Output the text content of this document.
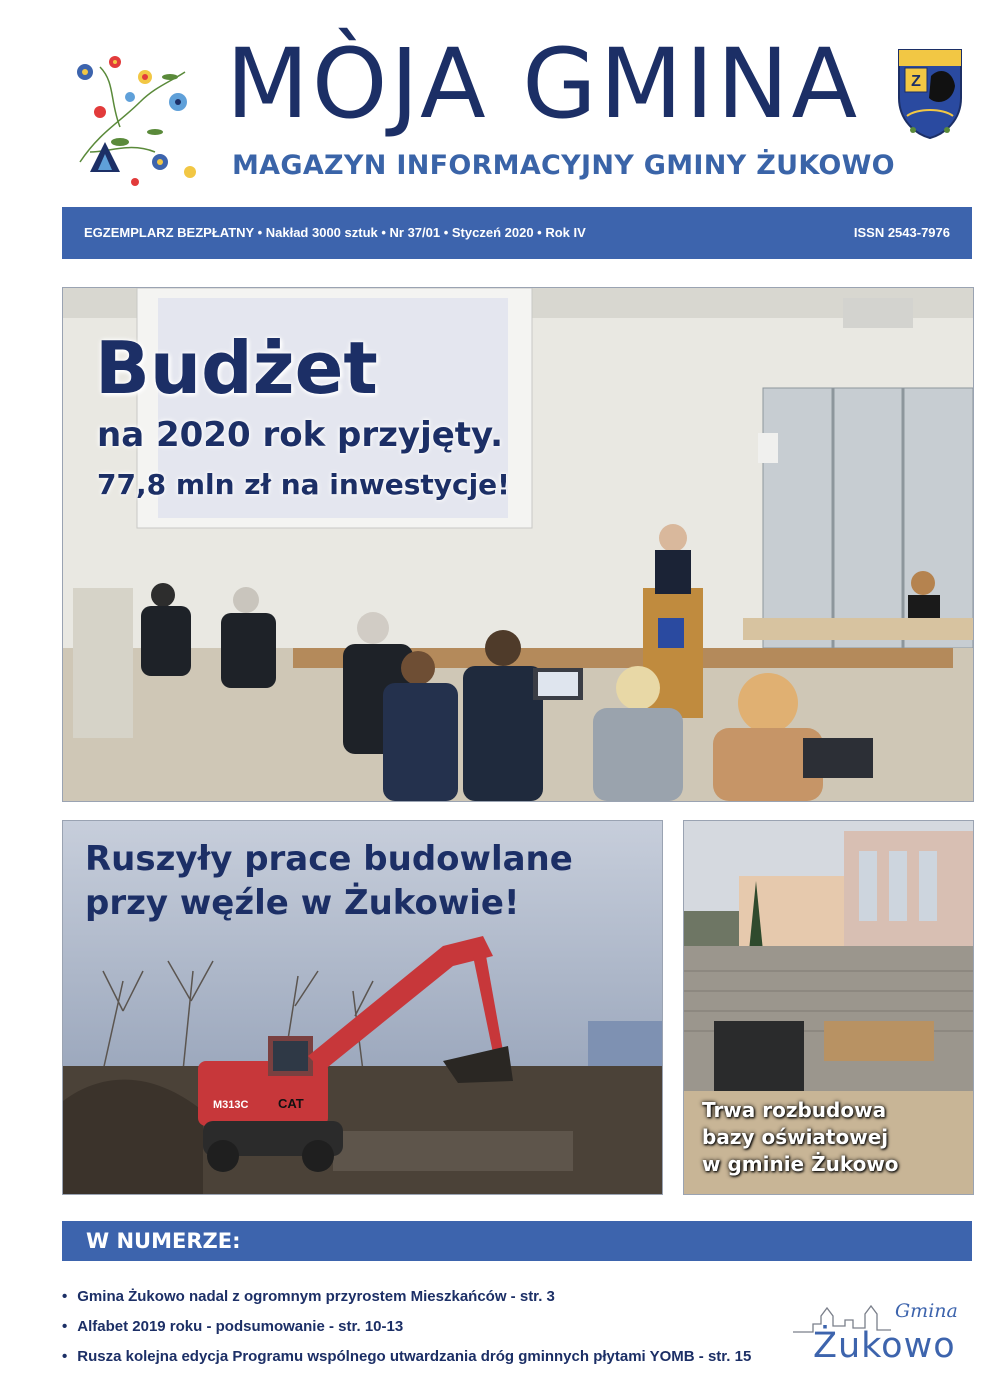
MÒJA GMINA
MAGAZYN INFORMACYJNY GMINY ŻUKOWO
Z
EGZEMPLARZ BEZPŁATNY • Nakład 3000 sztuk • Nr 37/01 • Styczeń 2020 • Rok IV	ISSN 2543-7976
Budżet
na 2020 rok przyjęty.
77,8 mln zł na inwestycje!
M313C CAT
Ruszyły prace budowlane
przy węźle w Żukowie!
Trwa rozbudowa
bazy oświatowej
w gminie Żukowo
W NUMERZE:
• Gmina Żukowo nadal z ogromnym przyrostem Mieszkańców - str. 3
• Alfabet 2019 roku - podsumowanie - str. 10-13
• Rusza kolejna edycja Programu wspólnego utwardzania dróg gminnych płytami YOMB - str. 15
Gmina
Żukowo
